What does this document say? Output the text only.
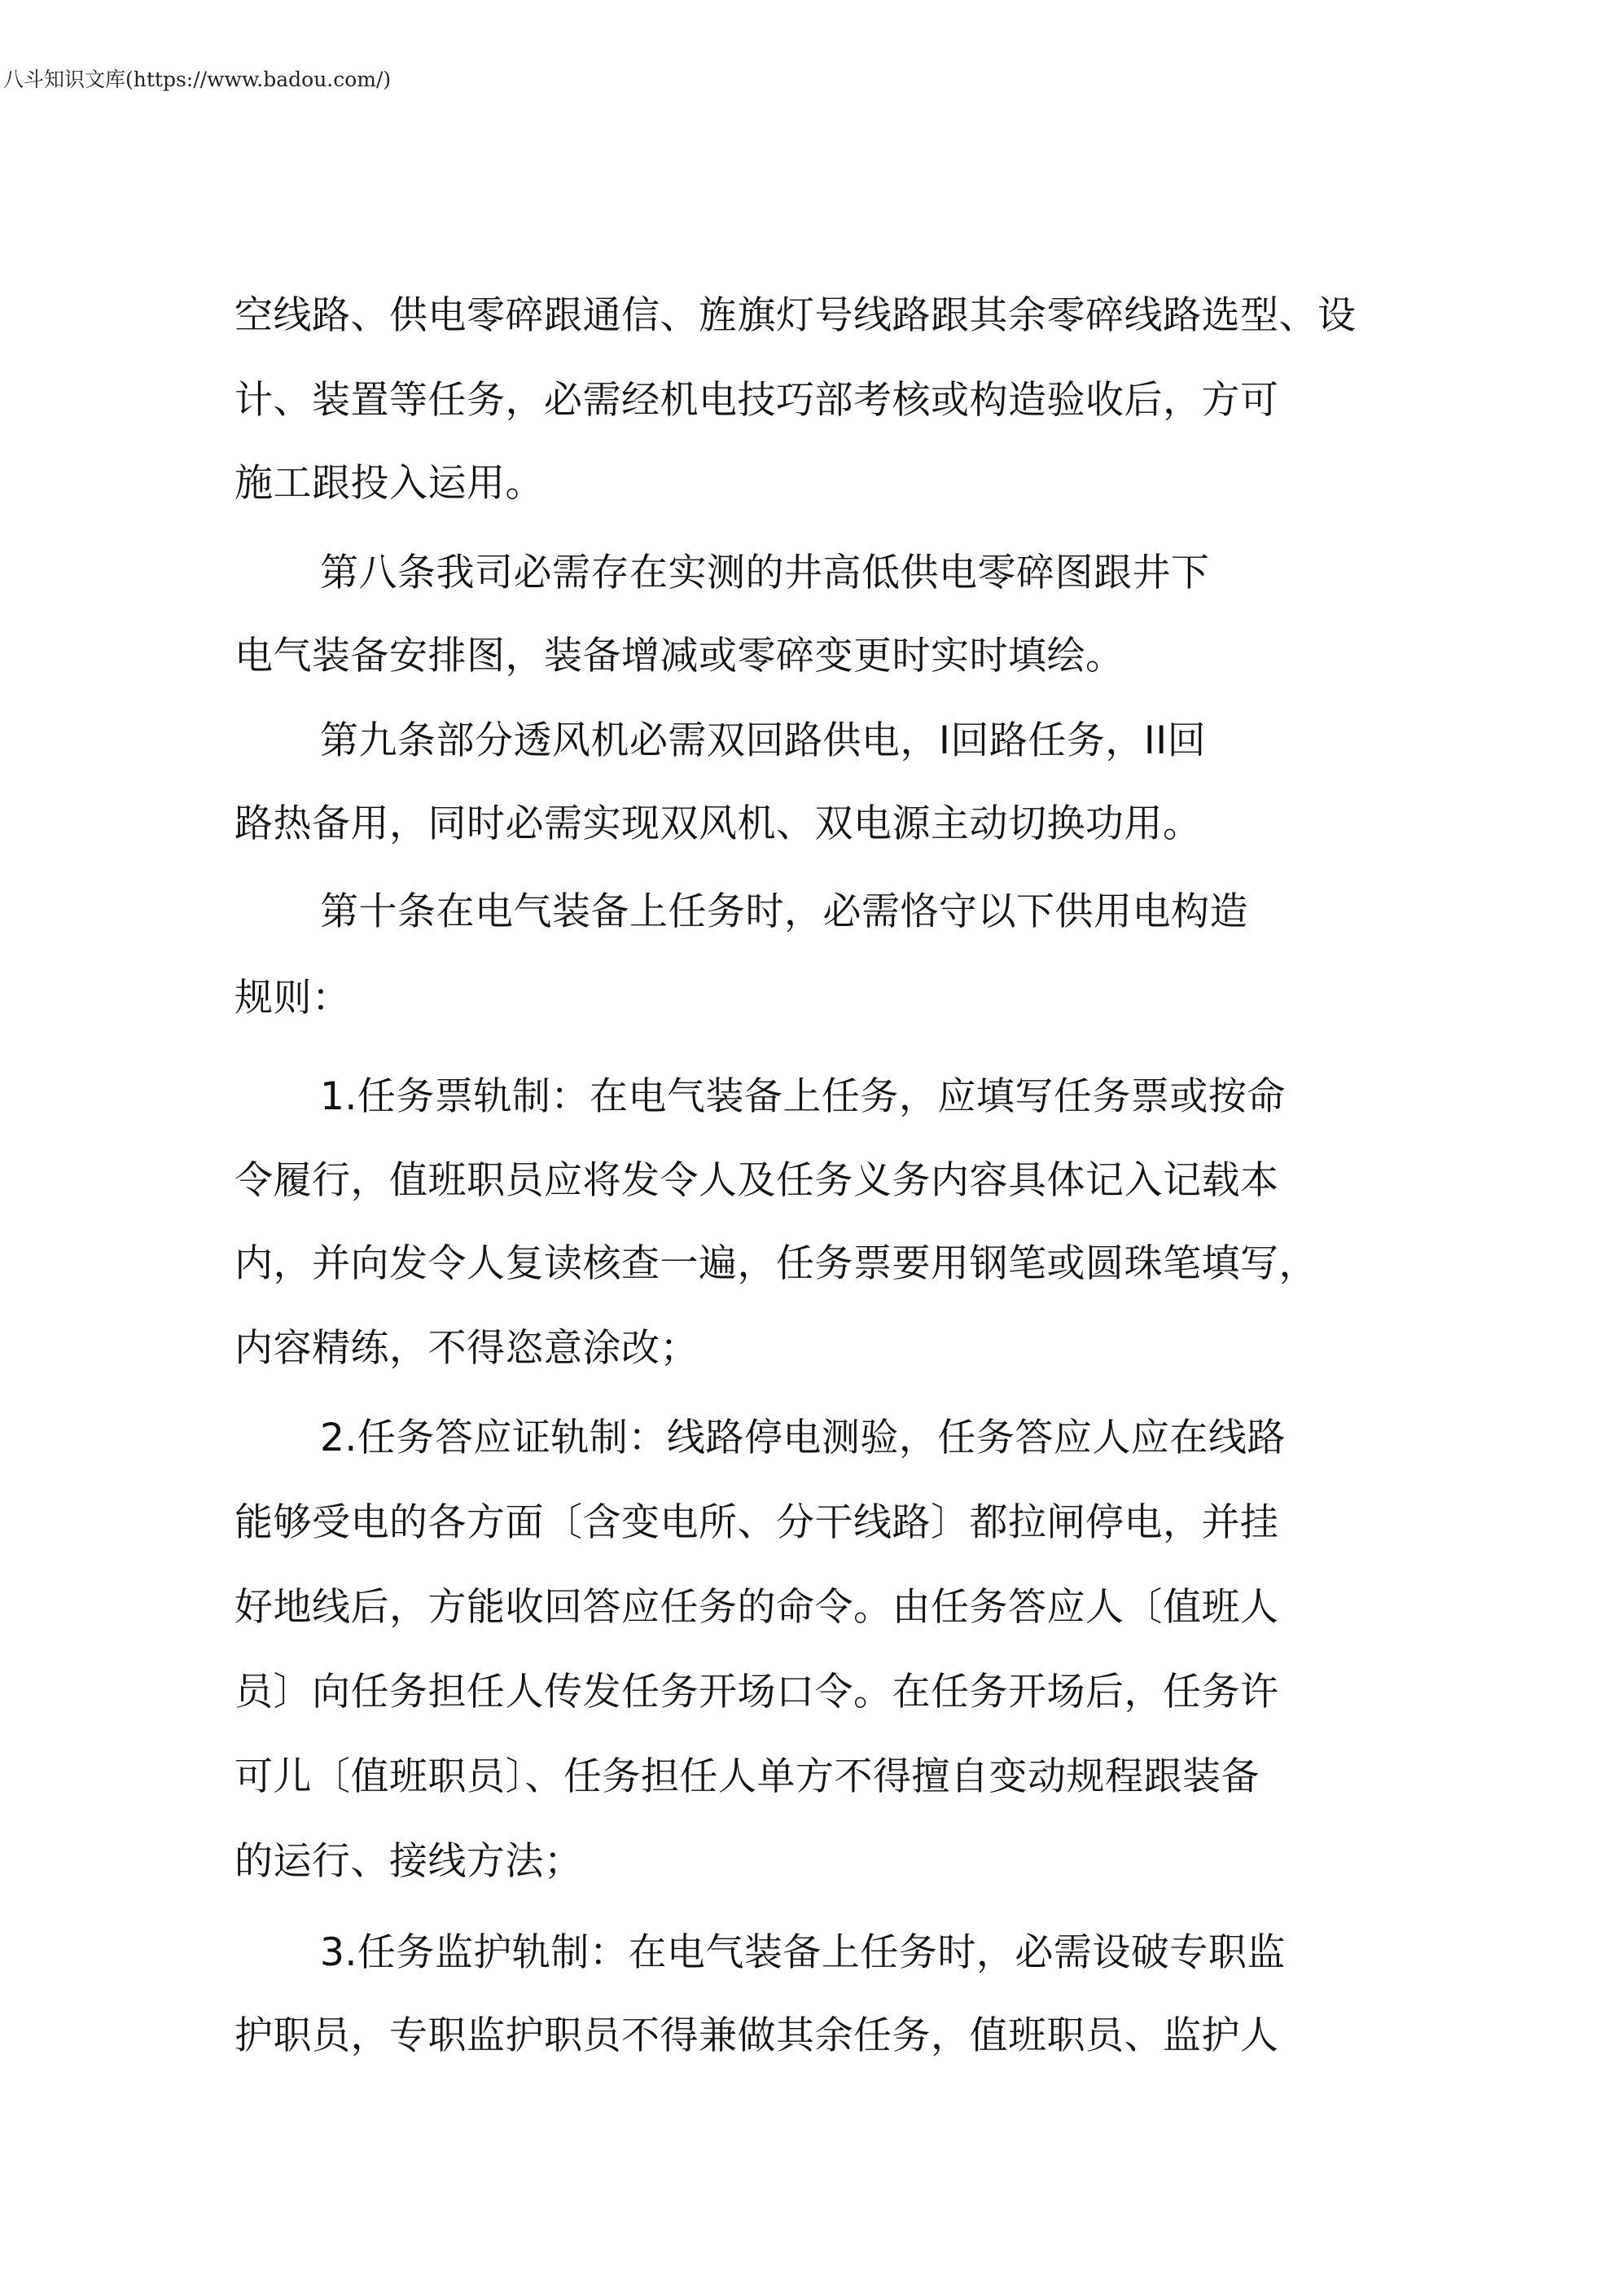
八斗知识文库(https://www.badou.com/)
空线路、供电零碎跟通信、旌旗灯号线路跟其余零碎线路选型、设
计、装置等任务，必需经机电技巧部考核或构造验收后，方可
施工跟投入运用。
第八条我司必需存在实测的井高低供电零碎图跟井下
电气装备安排图，装备增减或零碎变更时实时填绘。
第九条部分透风机必需双回路供电，I回路任务，II回
路热备用，同时必需实现双风机、双电源主动切换功用。
第十条在电气装备上任务时，必需恪守以下供用电构造
规则：
1.任务票轨制：在电气装备上任务，应填写任务票或按命
令履行，值班职员应将发令人及任务义务内容具体记入记载本
内，并向发令人复读核查一遍，任务票要用钢笔或圆珠笔填写，
内容精练，不得恣意涂改；
2.任务答应证轨制：线路停电测验，任务答应人应在线路
能够受电的各方面〔含变电所、分干线路〕都拉闸停电，并挂
好地线后，方能收回答应任务的命令。由任务答应人〔值班人
员〕向任务担任人传发任务开场口令。在任务开场后，任务许
可儿〔值班职员〕、任务担任人单方不得擅自变动规程跟装备
的运行、接线方法；
3.任务监护轨制：在电气装备上任务时，必需设破专职监
护职员，专职监护职员不得兼做其余任务，值班职员、监护人
